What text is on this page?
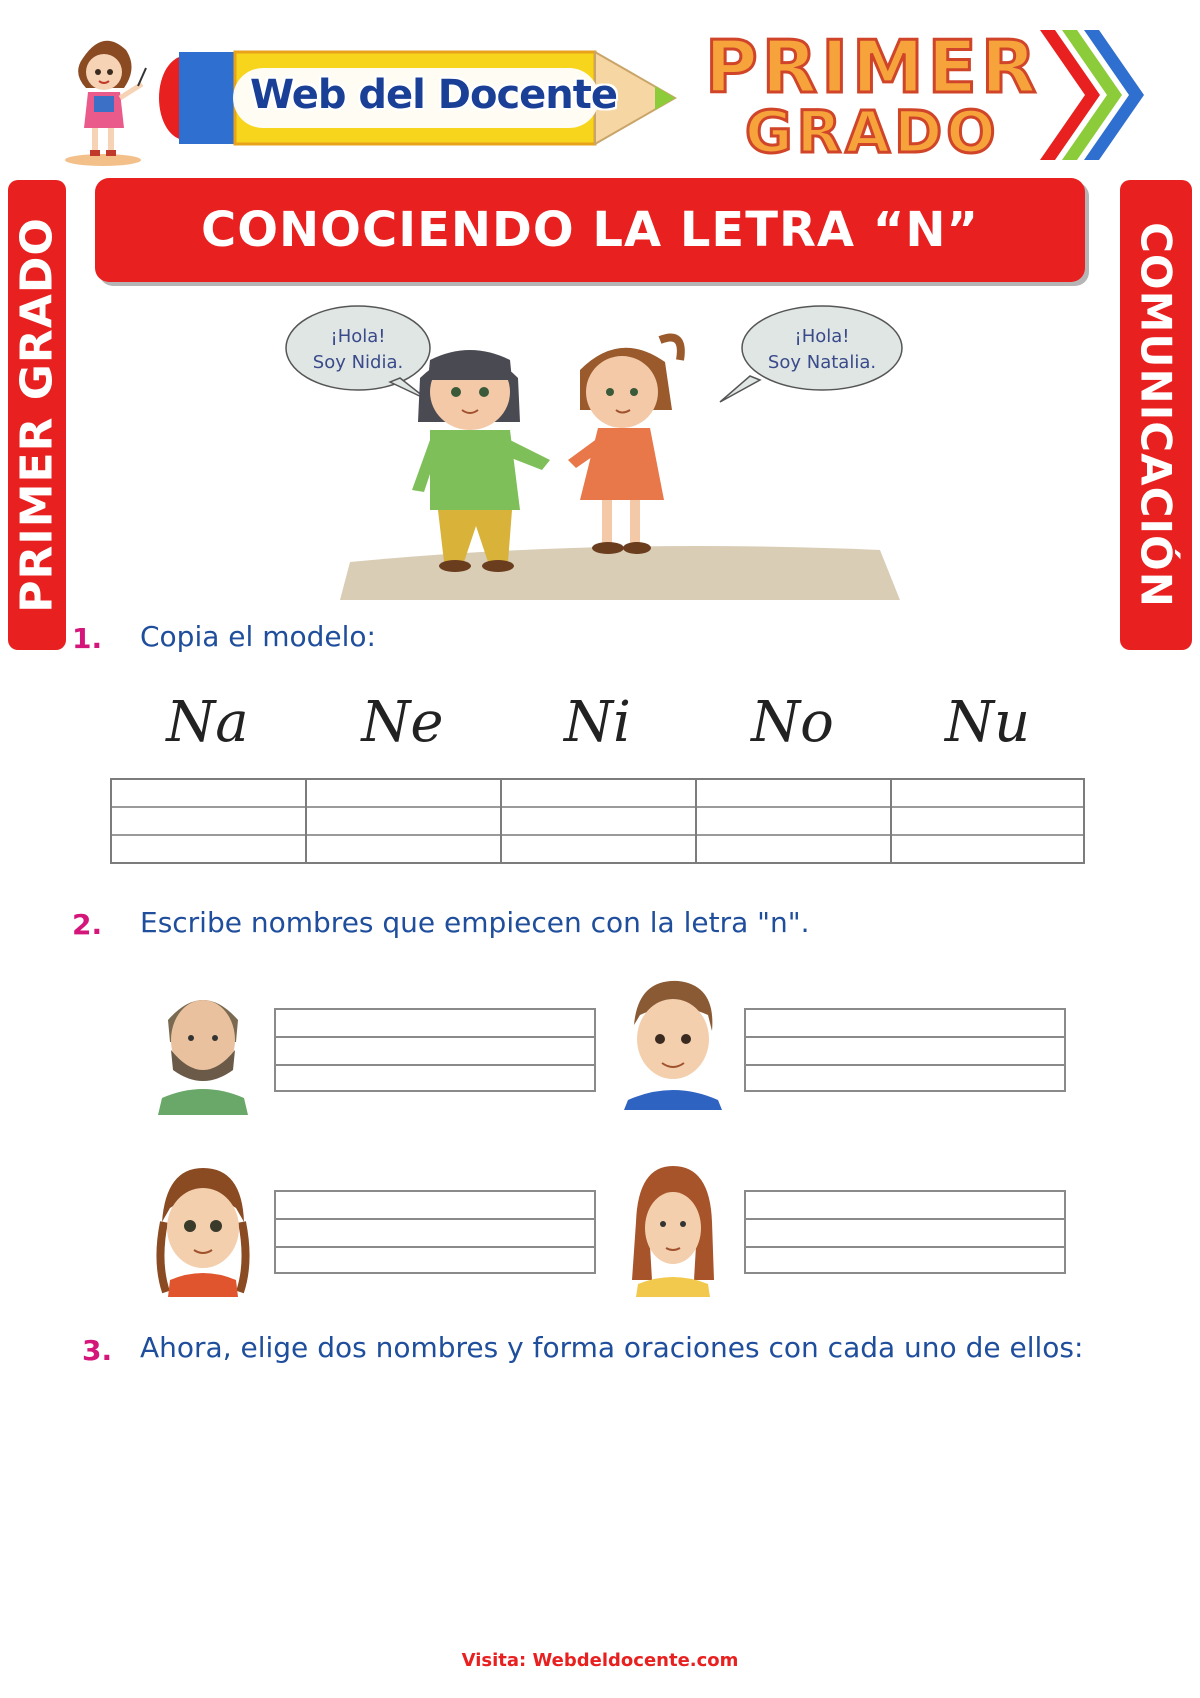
Web del Docente PRIMER
GRADO
PRIMER GRADO	COMUNICACIÓN
CONOCIENDO LA LETRA “N”
¡Hola!
Soy Nidia.
¡Hola!
Soy Natalia.
1. Copia el modelo:
Na	Ne	Ni	No	Nu
2. Escribe nombres que empiecen con la letra "n".
3. Ahora, elige dos nombres y forma oraciones con cada uno de ellos:
Visita: Webdeldocente.com
